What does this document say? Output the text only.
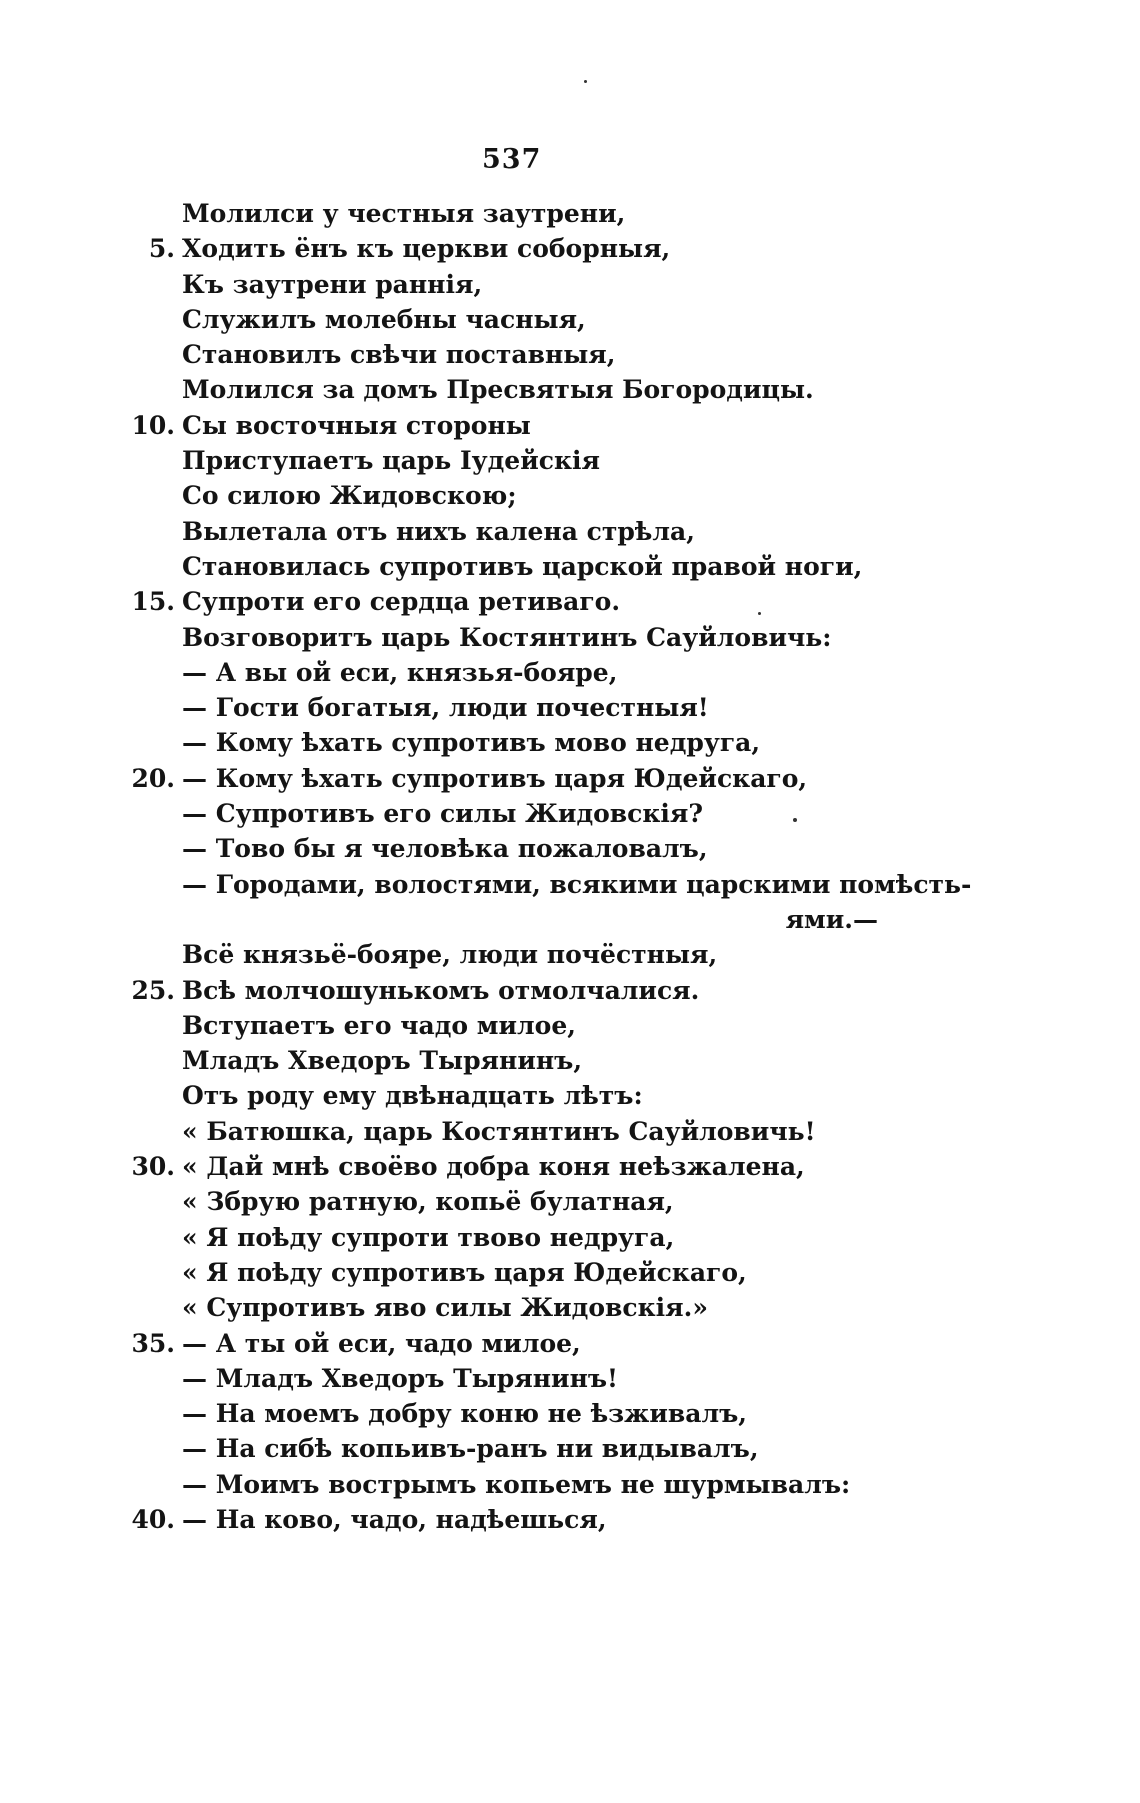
537
Молилси у честныя заутрени,
5. Ходить ёнъ къ церкви соборныя,
Къ заутрени раннія,
Служилъ молебны часныя,
Становилъ свѣчи поставныя,
Молился за домъ Пресвятыя Богородицы.
10. Сы восточныя стороны
Приступаетъ царь Іудейскія
Со силою Жидовскою;
Вылетала отъ нихъ калена стрѣла,
Становилась супротивъ царской правой ноги,
15. Супроти его сердца ретиваго.
Возговоритъ царь Костянтинъ Сауйловичь:
— А вы ой еси, князья-бояре,
— Гости богатыя, люди почестныя!
— Кому ѣхать супротивъ мово недруга,
20. — Кому ѣхать супротивъ царя Юдейскаго,
— Супротивъ его силы Жидовскія?
— Тово бы я человѣка пожаловалъ,
— Городами, волостями, всякими царскими помѣсть-
ями.—
Всё князьё-бояре, люди почёстныя,
25. Всѣ молчошунькомъ отмолчалися.
Вступаетъ его чадо милое,
Младъ Хведоръ Тырянинъ,
Отъ роду ему двѣнадцать лѣтъ:
« Батюшка, царь Костянтинъ Сауйловичь!
30. « Дай мнѣ своёво добра коня неѣзжалена,
« Збрую ратную, копьё булатная,
« Я поѣду супроти твово недруга,
« Я поѣду супротивъ царя Юдейскаго,
« Супротивъ яво силы Жидовскія.»
35. — А ты ой еси, чадо милое,
— Младъ Хведоръ Тырянинъ!
— На моемъ добру коню не ѣзживалъ,
— На сибѣ копьивъ-ранъ ни видывалъ,
— Моимъ вострымъ копьемъ не шурмывалъ:
40. — На ково, чадо, надѣешься,
